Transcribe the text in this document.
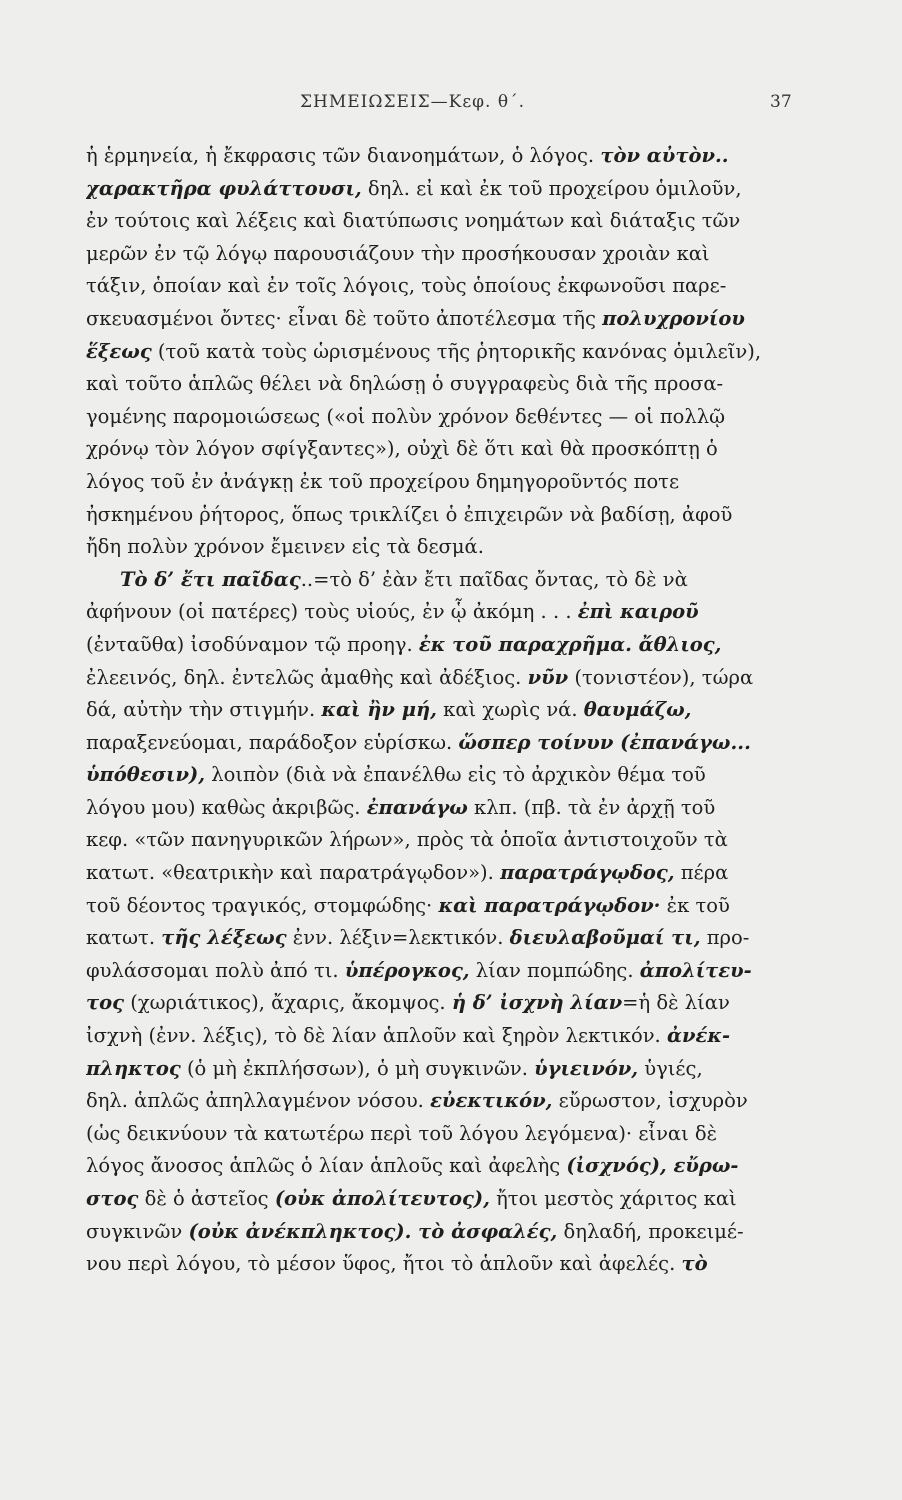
ΣΗΜΕΙΩΣΕΙΣ—Κεφ. θ΄.	37
ἡ ἑρμηνεία, ἡ ἔκφρασις τῶν διανοημάτων, ὁ λόγος. τὸν αὐτὸν..
χαρακτῆρα φυλάττουσι, δηλ. εἰ καὶ ἐκ τοῦ προχείρου ὁμιλοῦν,
ἐν τούτοις καὶ λέξεις καὶ διατύπωσις νοημάτων καὶ διάταξις τῶν
μερῶν ἐν τῷ λόγῳ παρουσιάζουν τὴν προσήκουσαν χροιὰν καὶ
τάξιν, ὁποίαν καὶ ἐν τοῖς λόγοις, τοὺς ὁποίους ἐκφωνοῦσι παρε-
σκευασμένοι ὄντες· εἶναι δὲ τοῦτο ἀποτέλεσμα τῆς πολυχρονίου
ἕξεως (τοῦ κατὰ τοὺς ὡρισμένους τῆς ῥητορικῆς κανόνας ὁμιλεῖν),
καὶ τοῦτο ἁπλῶς θέλει νὰ δηλώσῃ ὁ συγγραφεὺς διὰ τῆς προσα-
γομένης παρομοιώσεως («οἱ πολὺν χρόνον δεθέντες — οἱ πολλῷ
χρόνῳ τὸν λόγον σφίγξαντες»), οὐχὶ δὲ ὅτι καὶ θὰ προσκόπτῃ ὁ
λόγος τοῦ ἐν ἀνάγκῃ ἐκ τοῦ προχείρου δημηγοροῦντός ποτε
ἠσκημένου ῥήτορος, ὅπως τρικλίζει ὁ ἐπιχειρῶν νὰ βαδίσῃ, ἀφοῦ
ἤδη πολὺν χρόνον ἔμεινεν εἰς τὰ δεσμά.
Τὸ δ’ ἔτι παῖδας..=τὸ δ’ ἐὰν ἔτι παῖδας ὄντας, τὸ δὲ νὰ
ἀφήνουν (οἱ πατέρες) τοὺς υἱούς, ἐν ᾧ ἀκόμη . . . ἐπὶ καιροῦ
(ἐνταῦθα) ἰσοδύναμον τῷ προηγ. ἐκ τοῦ παραχρῆμα. ἄθλιος,
ἐλεεινός, δηλ. ἐντελῶς ἀμαθὴς καὶ ἀδέξιος. νῦν (τονιστέον), τώρα
δά, αὐτὴν τὴν στιγμήν. καὶ ἢν μή, καὶ χωρὶς νά. θαυμάζω,
παραξενεύομαι, παράδοξον εὑρίσκω. ὥσπερ τοίνυν (ἐπανάγω...
ὑπόθεσιν), λοιπὸν (διὰ νὰ ἐπανέλθω εἰς τὸ ἀρχικὸν θέμα τοῦ
λόγου μου) καθὼς ἀκριβῶς. ἐπανάγω κλπ. (πβ. τὰ ἐν ἀρχῇ τοῦ
κεφ. «τῶν πανηγυρικῶν λήρων», πρὸς τὰ ὁποῖα ἀντιστοιχοῦν τὰ
κατωτ. «θεατρικὴν καὶ παρατράγῳδον»). παρατράγῳδος, πέρα
τοῦ δέοντος τραγικός, στομφώδης· καὶ παρατράγῳδον· ἐκ τοῦ
κατωτ. τῆς λέξεως ἐνν. λέξιν=λεκτικόν. διευλαβοῦμαί τι, προ-
φυλάσσομαι πολὺ ἀπό τι. ὑπέρογκος, λίαν πομπώδης. ἀπολίτευ-
τος (χωριάτικος), ἄχαρις, ἄκομψος. ἡ δ’ ἰσχνὴ λίαν=ἡ δὲ λίαν
ἰσχνὴ (ἐνν. λέξις), τὸ δὲ λίαν ἁπλοῦν καὶ ξηρὸν λεκτικόν. ἀνέκ-
πληκτος (ὁ μὴ ἐκπλήσσων), ὁ μὴ συγκινῶν. ὑγιεινόν, ὑγιές,
δηλ. ἁπλῶς ἀπηλλαγμένον νόσου. εὐεκτικόν, εὔρωστον, ἰσχυρὸν
(ὡς δεικνύουν τὰ κατωτέρω περὶ τοῦ λόγου λεγόμενα)· εἶναι δὲ
λόγος ἄνοσος ἁπλῶς ὁ λίαν ἁπλοῦς καὶ ἀφελὴς (ἰσχνός), εὔρω-
στος δὲ ὁ ἀστεῖος (οὐκ ἀπολίτευτος), ἤτοι μεστὸς χάριτος καὶ
συγκινῶν (οὐκ ἀνέκπληκτος). τὸ ἀσφαλές, δηλαδή, προκειμέ-
νου περὶ λόγου, τὸ μέσον ὕφος, ἤτοι τὸ ἁπλοῦν καὶ ἀφελές. τὸ
